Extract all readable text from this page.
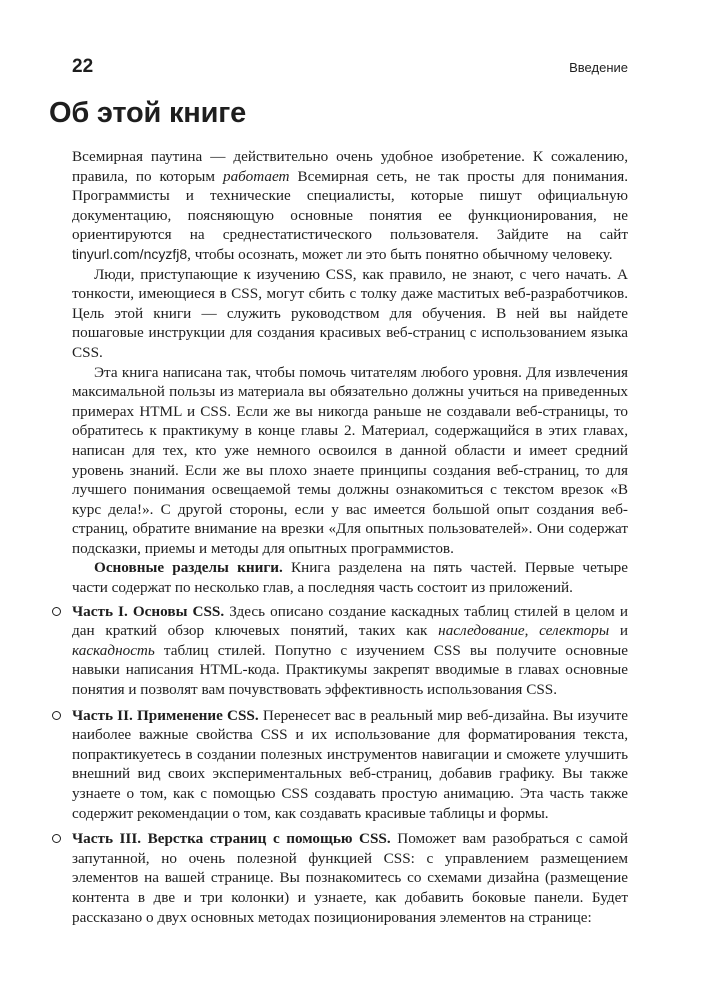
22	Введение
Об этой книге

Всемирная паутина — действительно очень удобное изобретение. К сожалению, правила, по которым работает Всемирная сеть, не так просты для понимания. Программисты и технические специалисты, которые пишут официальную документацию, поясняющую основные понятия ее функционирования, не ориентируются на среднестатистического пользователя. Зайдите на сайт tinyurl.com/ncyzfj8, чтобы осознать, может ли это быть понятно обычному человеку.

Люди, приступающие к изучению CSS, как правило, не знают, с чего начать. А тонкости, имеющиеся в CSS, могут сбить с толку даже маститых веб-разработчиков. Цель этой книги — служить руководством для обучения. В ней вы найдете пошаговые инструкции для создания красивых веб-страниц с использованием языка CSS.

Эта книга написана так, чтобы помочь читателям любого уровня. Для извлечения максимальной пользы из материала вы обязательно должны учиться на приведенных примерах HTML и CSS. Если же вы никогда раньше не создавали веб-страницы, то обратитесь к практикуму в конце главы 2. Материал, содержащийся в этих главах, написан для тех, кто уже немного освоился в данной области и имеет средний уровень знаний. Если же вы плохо знаете принципы создания веб-страниц, то для лучшего понимания освещаемой темы должны ознакомиться с текстом врезок «В курс дела!». С другой стороны, если у вас имеется большой опыт создания веб-страниц, обратите внимание на врезки «Для опытных пользователей». Они содержат подсказки, приемы и методы для опытных программистов.

Основные разделы книги. Книга разделена на пять частей. Первые четыре части содержат по несколько глав, а последняя часть состоит из приложений.

Часть I. Основы CSS. Здесь описано создание каскадных таблиц стилей в целом и дан краткий обзор ключевых понятий, таких как наследование, селекторы и каскадность таблиц стилей. Попутно с изучением CSS вы получите основные навыки написания HTML-кода. Практикумы закрепят вводимые в главах основные понятия и позволят вам почувствовать эффективность использования CSS.
Часть II. Применение CSS. Перенесет вас в реальный мир веб-дизайна. Вы изучите наиболее важные свойства CSS и их использование для форматирования текста, попрактикуетесь в создании полезных инструментов навигации и сможете улучшить внешний вид своих экспериментальных веб-страниц, добавив графику. Вы также узнаете о том, как с помощью CSS создавать простую анимацию. Эта часть также содержит рекомендации о том, как создавать красивые таблицы и формы.
Часть III. Верстка страниц с помощью CSS. Поможет вам разобраться с самой запутанной, но очень полезной функцией CSS: с управлением размещением элементов на вашей странице. Вы познакомитесь со схемами дизайна (размещение контента в две и три колонки) и узнаете, как добавить боковые панели. Будет рассказано о двух основных методах позиционирования элементов на странице:
